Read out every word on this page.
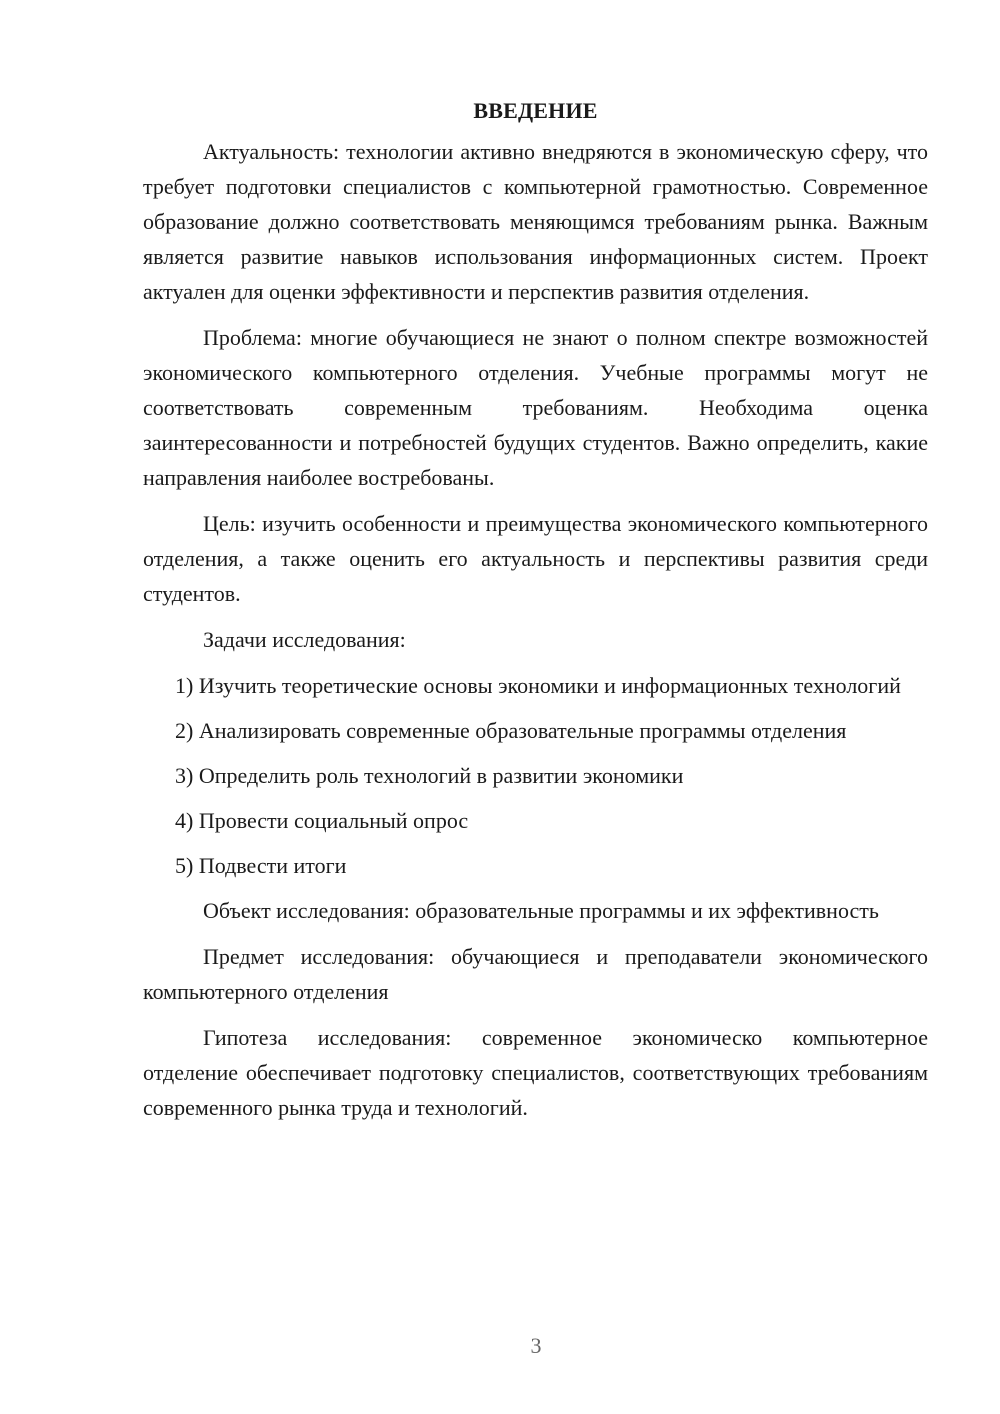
ВВЕДЕНИЕ

Актуальность: технологии активно внедряются в экономическую сферу, что требует подготовки специалистов с компьютерной грамотностью. Современное образование должно соответствовать меняющимся требованиям рынка. Важным является развитие навыков использования информационных систем. Проект актуален для оценки эффективности и перспектив развития отделения.

Проблема: многие обучающиеся не знают о полном спектре возможностей экономического компьютерного отделения. Учебные программы могут не соответствовать современным требованиям. Необходима оценка заинтересованности и потребностей будущих студентов. Важно определить, какие направления наиболее востребованы.

Цель: изучить особенности и преимущества экономического компьютерного отделения, а также оценить его актуальность и перспективы развития среди студентов.

Задачи исследования:

1) Изучить теоретические основы экономики и информационных технологий

2) Анализировать современные образовательные программы отделения

3) Определить роль технологий в развитии экономики

4) Провести социальный опрос

5) Подвести итоги

Объект исследования: образовательные программы и их эффективность

Предмет исследования: обучающиеся и преподаватели экономического компьютерного отделения

Гипотеза исследования: современное экономическо компьютерное отделение обеспечивает подготовку специалистов, соответствующих требованиям современного рынка труда и технологий.

3
